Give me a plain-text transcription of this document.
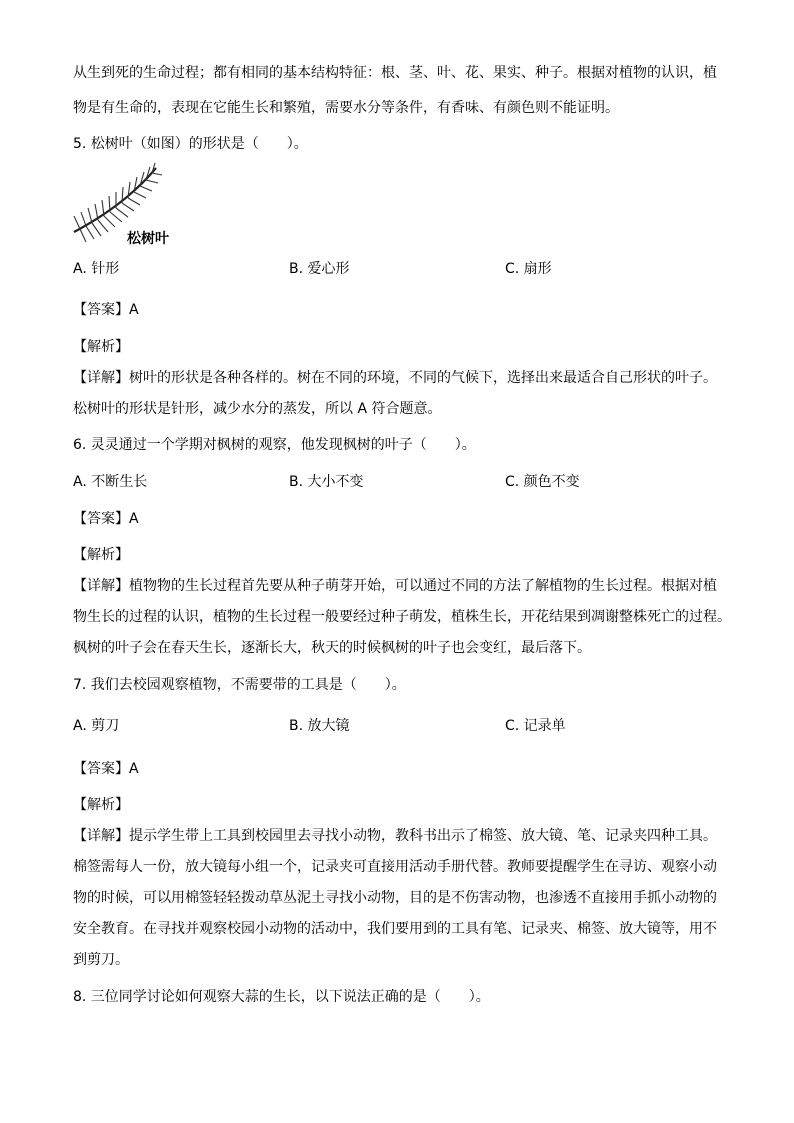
从生到死的生命过程；都有相同的基本结构特征：根、茎、叶、花、果实、种子。根据对植物的认识，植
物是有生命的，表现在它能生长和繁殖，需要水分等条件，有香味、有颜色则不能证明。
5. 松树叶（如图）的形状是（　　）。
松树叶
A. 针形	B. 爱心形	C. 扇形
【答案】A
【解析】
【详解】树叶的形状是各种各样的。树在不同的环境，不同的气候下，选择出来最适合自己形状的叶子。
松树叶的形状是针形，减少水分的蒸发，所以 A 符合题意。
6. 灵灵通过一个学期对枫树的观察，他发现枫树的叶子（　　）。
A. 不断生长	B. 大小不变	C. 颜色不变
【答案】A
【解析】
【详解】植物物的生长过程首先要从种子萌芽开始，可以通过不同的方法了解植物的生长过程。根据对植
物生长的过程的认识，植物的生长过程一般要经过种子萌发，植株生长，开花结果到凋谢整株死亡的过程。
枫树的叶子会在春天生长，逐渐长大，秋天的时候枫树的叶子也会变红，最后落下。
7. 我们去校园观察植物，不需要带的工具是（　　）。
A. 剪刀	B. 放大镜	C. 记录单
【答案】A
【解析】
【详解】提示学生带上工具到校园里去寻找小动物，教科书出示了棉签、放大镜、笔、记录夹四种工具。
棉签需每人一份，放大镜每小组一个，记录夹可直接用活动手册代替。教师要提醒学生在寻访、观察小动
物的时候，可以用棉签轻轻拨动草丛泥土寻找小动物，目的是不伤害动物，也渗透不直接用手抓小动物的
安全教育。在寻找并观察校园小动物的活动中，我们要用到的工具有笔、记录夹、棉签、放大镜等，用不
到剪刀。
8. 三位同学讨论如何观察大蒜的生长，以下说法正确的是（　　）。
